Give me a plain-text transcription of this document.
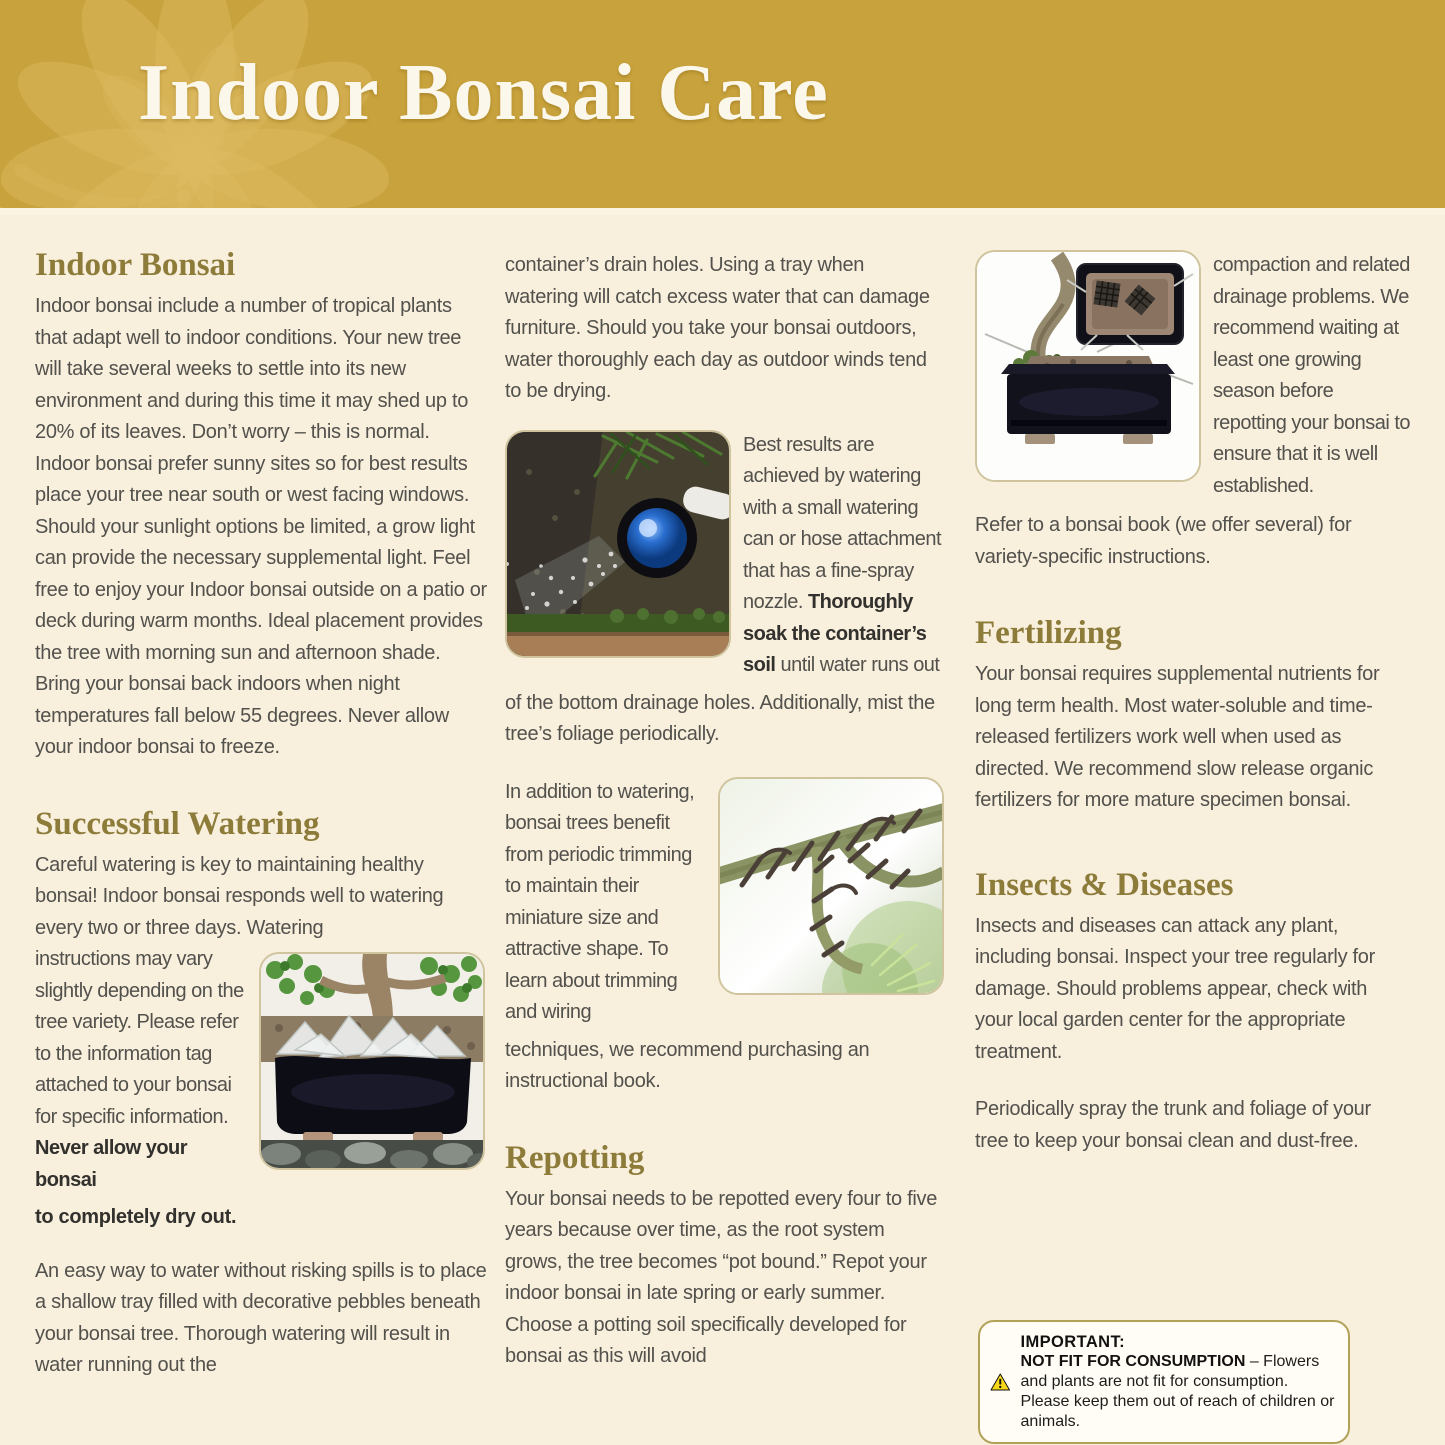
Indoor Bonsai Care
Indoor Bonsai

Indoor bonsai include a number of tropical plants that adapt well to indoor conditions. Your new tree will take several weeks to settle into its new environment and during this time it may shed up to 20% of its leaves. Don’t worry – this is normal. Indoor bonsai prefer sunny sites so for best results place your tree near south or west facing windows. Should your sunlight options be limited, a grow light can provide the necessary supplemental light. Feel free to enjoy your Indoor bonsai outside on a patio or deck during warm months. Ideal placement provides the tree with morning sun and afternoon shade. Bring your bonsai back indoors when night temperatures fall below 55 degrees. Never allow your indoor bonsai to freeze.

Successful Watering

Careful watering is key to maintaining healthy bonsai! Indoor bonsai responds well to watering every two or three days. Watering

instructions may vary slightly depending on the tree variety. Please refer to the information tag attached to your bonsai for specific information. Never allow your bonsai

to completely dry out.

An easy way to water without risking spills is to place a shallow tray filled with decorative pebbles beneath your bonsai tree. Thorough watering will result in water running out the

container’s drain holes. Using a tray when watering will catch excess water that can damage furniture. Should you take your bonsai outdoors, water thoroughly each day as outdoor winds tend to be drying.

Best results are achieved by watering with a small watering can or hose attachment that has a fine-spray nozzle. Thoroughly soak the container’s soil until water runs out

of the bottom drainage holes. Additionally, mist the tree’s foliage periodically.

In addition to watering, bonsai trees benefit from periodic trimming to maintain their miniature size and attractive shape. To learn about trimming and wiring

techniques, we recommend purchasing an instructional book.

Repotting

Your bonsai needs to be repotted every four to five years because over time, as the root system grows, the tree becomes “pot bound.” Repot your indoor bonsai in late spring or early summer. Choose a potting soil specifically developed for bonsai as this will avoid

compaction and related drainage problems. We recommend waiting at least one growing season before repotting your bonsai to ensure that it is well established.

Refer to a bonsai book (we offer several) for variety-specific instructions.

Fertilizing

Your bonsai requires supplemental nutrients for long term health. Most water-soluble and time-released fertilizers work well when used as directed. We recommend slow release organic fertilizers for more mature specimen bonsai.

Insects & Diseases

Insects and diseases can attack any plant, including bonsai. Inspect your tree regularly for damage. Should problems appear, check with your local garden center for the appropriate treatment.

Periodically spray the trunk and foliage of your tree to keep your bonsai clean and dust-free.

IMPORTANT:
NOT FIT FOR CONSUMPTION – Flowers and plants are not fit for consumption. Please keep them out of reach of children or animals.
